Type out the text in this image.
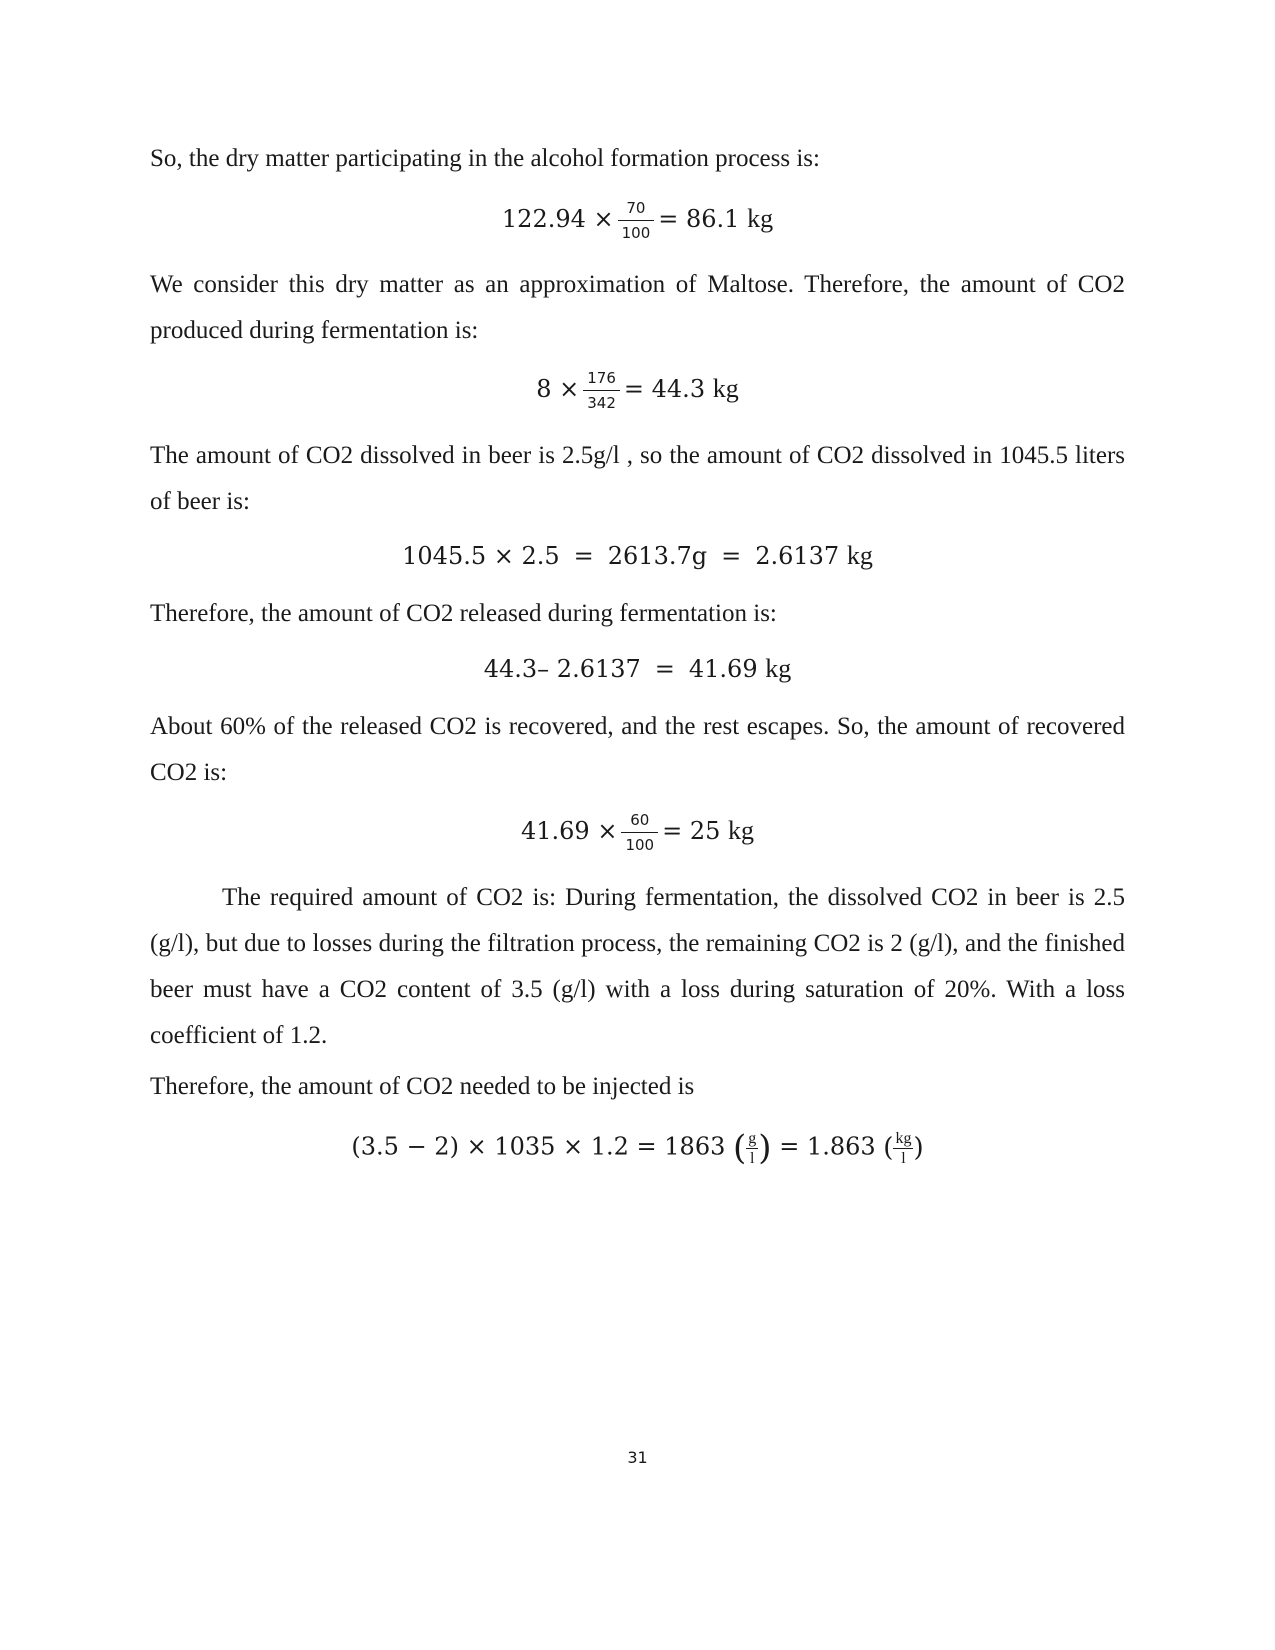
So, the dry matter participating in the alcohol formation process is:

$122.94 \times \frac{70}{100} = 86.1$ kg

We consider this dry matter as an approximation of Maltose. Therefore, the amount of CO2 produced during fermentation is:

$8 \times \frac{176}{342} = 44.3$ kg

The amount of CO2 dissolved in beer is 2.5g/l , so the amount of CO2 dissolved in 1045.5 liters of beer is:

1045.5 × 2.5 = 2613.7g = 2.6137 kg

Therefore, the amount of CO2 released during fermentation is:

44.3– 2.6137 = 41.69 kg

About 60% of the released CO2 is recovered, and the rest escapes. So, the amount of recovered CO2 is:

$41.69 \times \frac{60}{100} = 25$ kg

The required amount of CO2 is: During fermentation, the dissolved CO2 in beer is 2.5 (g/l), but due to losses during the filtration process, the remaining CO2 is 2 (g/l), and the finished beer must have a CO2 content of 3.5 (g/l) with a loss during saturation of 20%. With a loss coefficient of 1.2.

Therefore, the amount of CO2 needed to be injected is

(3.5 − 2) × 1035 × 1.2 = 1863 ( $\frac{g}{l}$ ) = 1.863 ( $\frac{kg}{l}$ )
31
